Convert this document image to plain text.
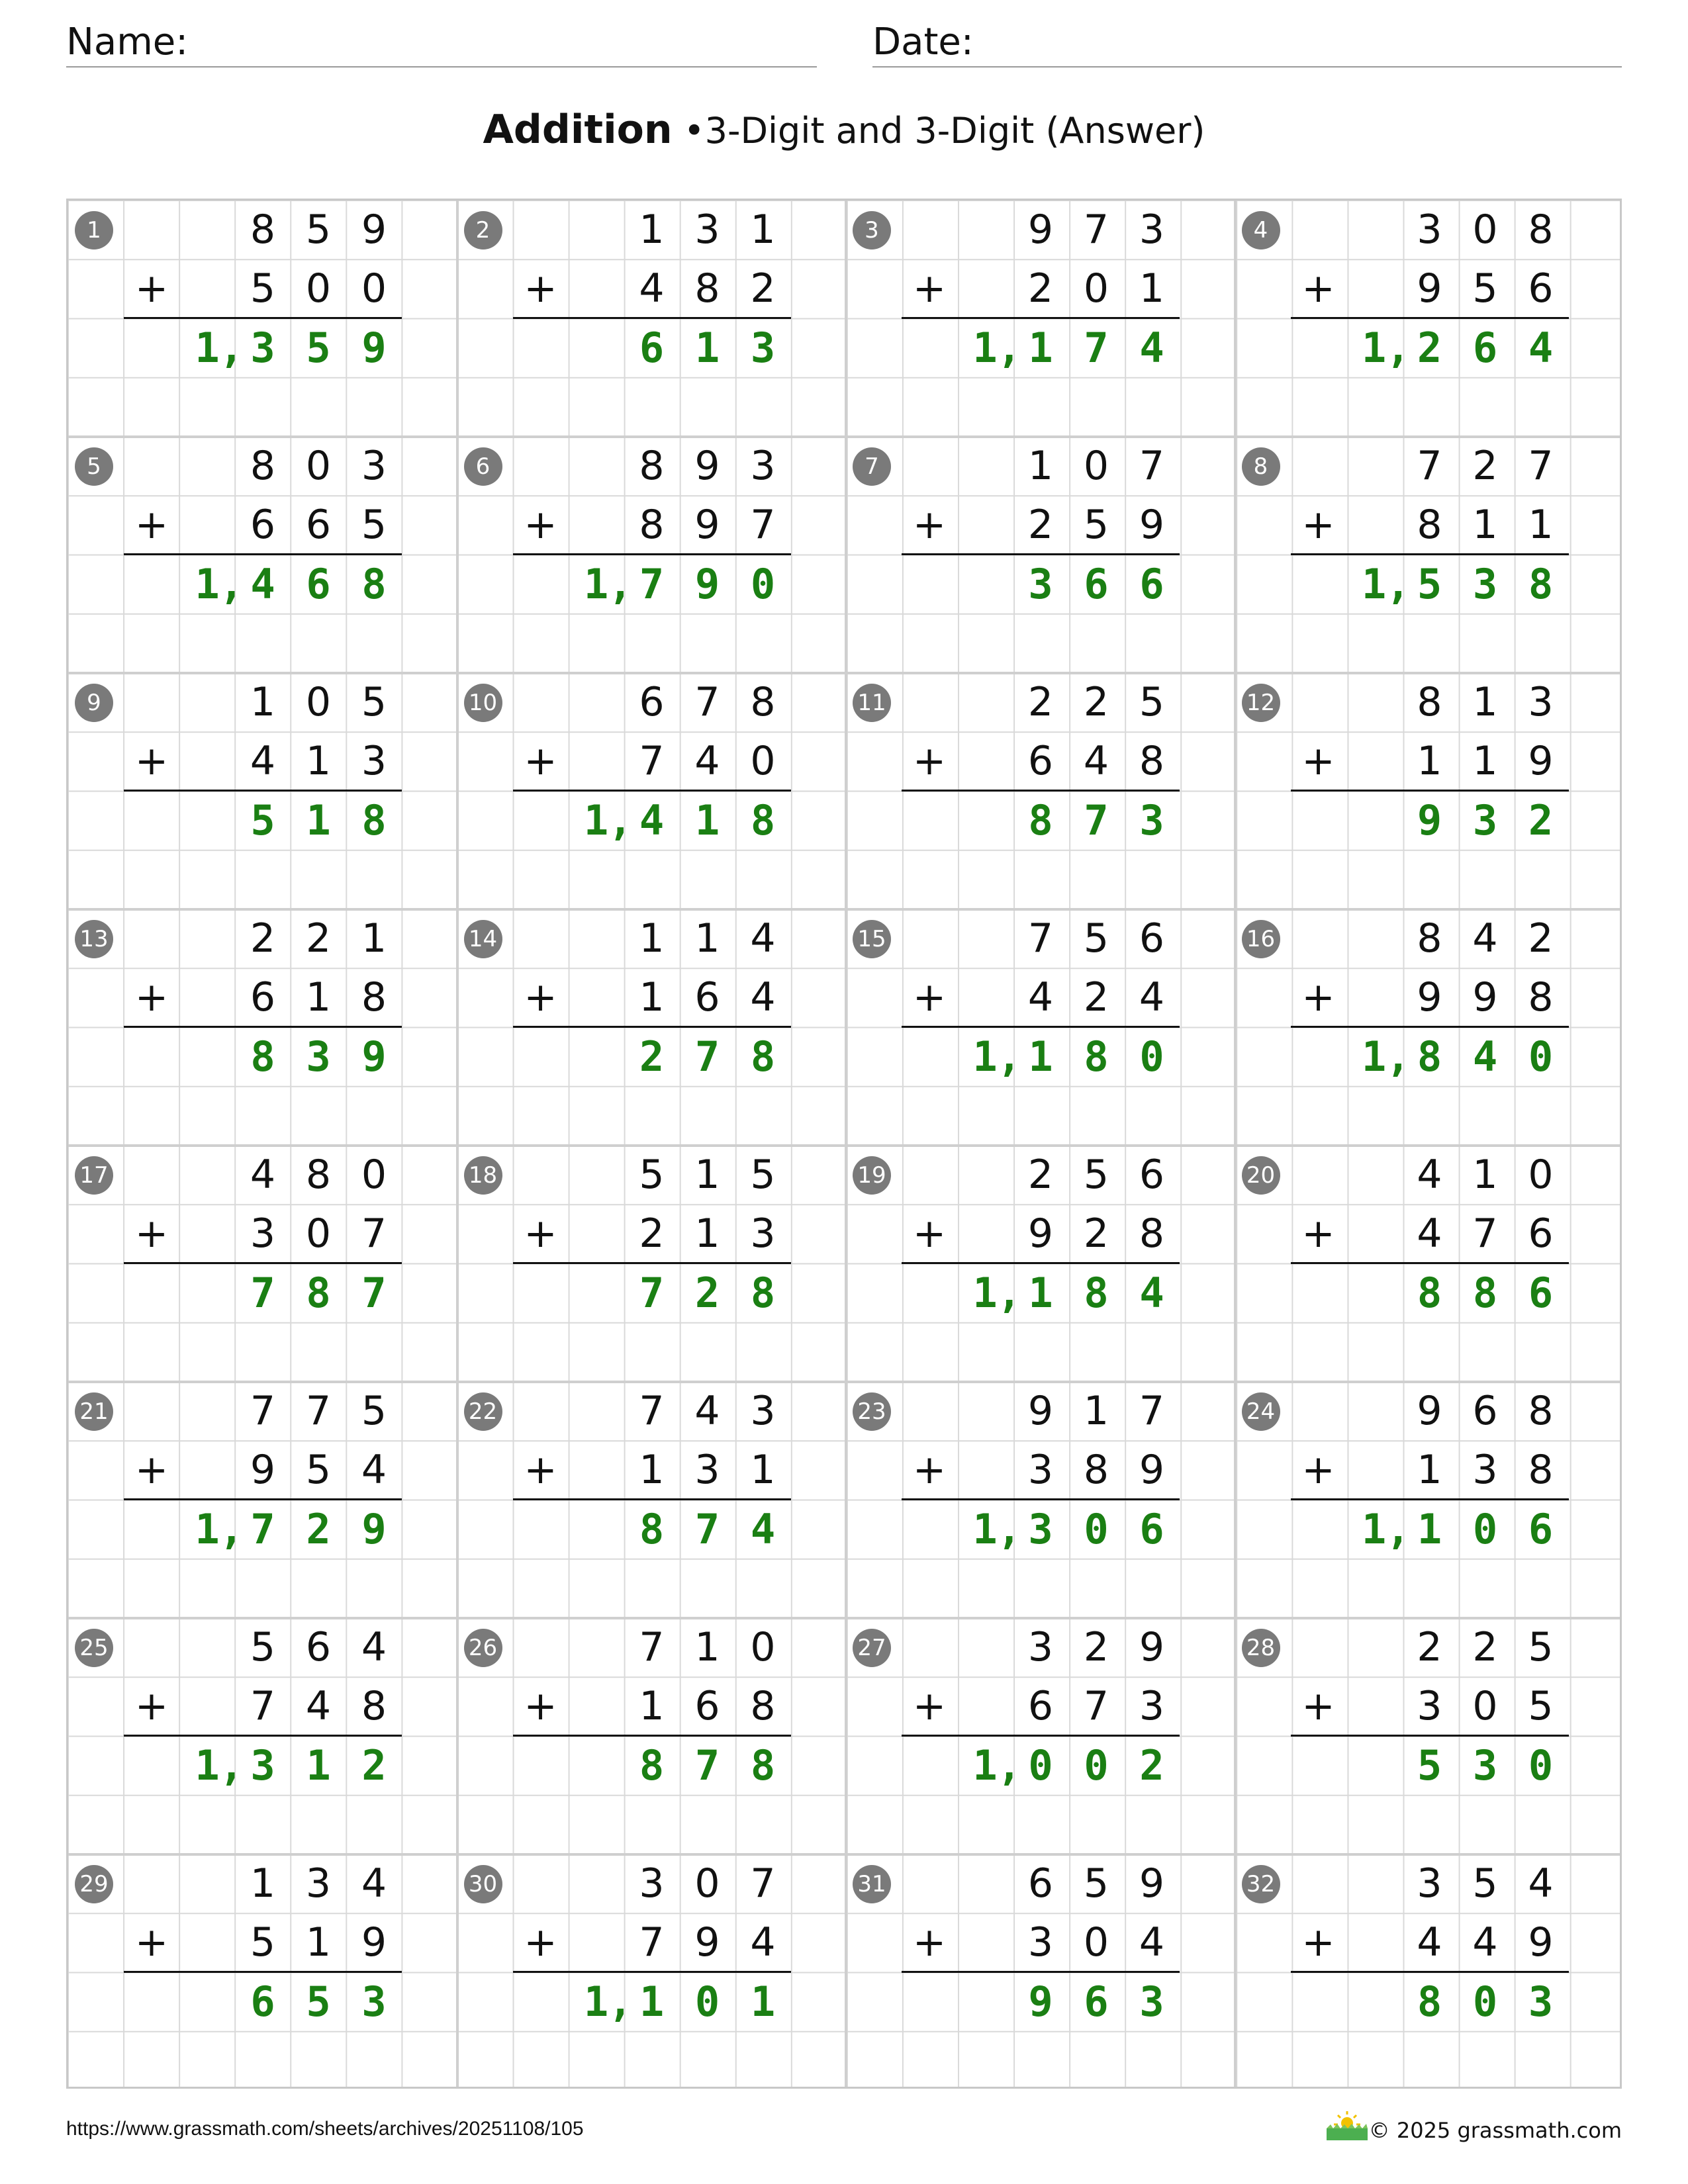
Name:	Date:
Addition •3-Digit and 3-Digit (Answer)
1	8 5 9
+	5 0 0
1 , 3 5 9
2	1 3 1
+	4 8 2
6 1 3
3	9 7 3
+	2 0 1
1 , 1 7 4
4	3 0 8
+	9 5 6
1 , 2 6 4
5	8 0 3
+	6 6 5
1 , 4 6 8
6	8 9 3
+	8 9 7
1 , 7 9 0
7	1 0 7
+	2 5 9
3 6 6
8	7 2 7
+	8 1 1
1 , 5 3 8
9	1 0 5
+	4 1 3
5 1 8
10	6 7 8
+	7 4 0
1 , 4 1 8
11	2 2 5
+	6 4 8
8 7 3
12	8 1 3
+	1 1 9
9 3 2
13	2 2 1
+	6 1 8
8 3 9
14	1 1 4
+	1 6 4
2 7 8
15	7 5 6
+	4 2 4
1 , 1 8 0
16	8 4 2
+	9 9 8
1 , 8 4 0
17	4 8 0
+	3 0 7
7 8 7
18	5 1 5
+	2 1 3
7 2 8
19	2 5 6
+	9 2 8
1 , 1 8 4
20	4 1 0
+	4 7 6
8 8 6
21	7 7 5
+	9 5 4
1 , 7 2 9
22	7 4 3
+	1 3 1
8 7 4
23	9 1 7
+	3 8 9
1 , 3 0 6
24	9 6 8
+	1 3 8
1 , 1 0 6
25	5 6 4
+	7 4 8
1 , 3 1 2
26	7 1 0
+	1 6 8
8 7 8
27	3 2 9
+	6 7 3
1 , 0 0 2
28	2 2 5
+	3 0 5
5 3 0
29	1 3 4
+	5 1 9
6 5 3
30	3 0 7
+	7 9 4
1 , 1 0 1
31	6 5 9
+	3 0 4
9 6 3
32	3 5 4
+	4 4 9
8 0 3
https://www.grassmath.com/sheets/archives/20251108/105	© 2025 grassmath.com
